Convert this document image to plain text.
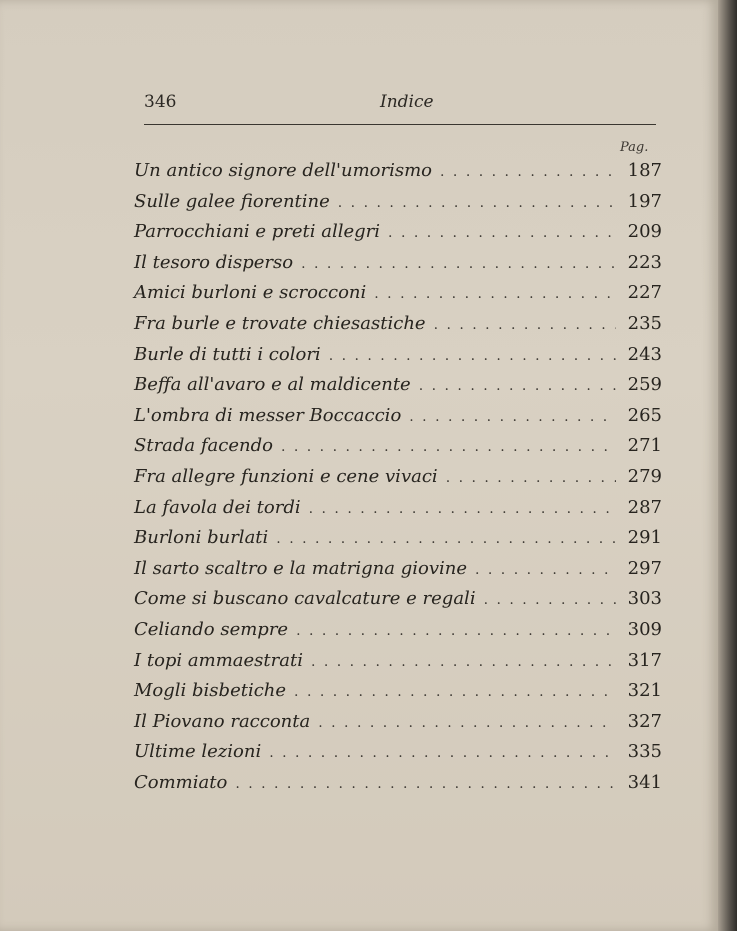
346	Indice
Pag.
Un antico signore dell'umorismo . . .	187
Sulle galee fiorentine . . .	197
Parrocchiani e preti allegri . . .	209
Il tesoro disperso . . .	223
Amici burloni e scrocconi . . .	227
Fra burle e trovate chiesastiche . . .	235
Burle di tutti i colori . . .	243
Beffa all'avaro e al maldicente . . .	259
L'ombra di messer Boccaccio . . .	265
Strada facendo . . .	271
Fra allegre funzioni e cene vivaci . . .	279
La favola dei tordi . . .	287
Burloni burlati . . .	291
Il sarto scaltro e la matrigna giovine . . .	297
Come si buscano cavalcature e regali . . .	303
Celiando sempre . . .	309
I topi ammaestrati . . .	317
Mogli bisbetiche . . .	321
Il Piovano racconta . . .	327
Ultime lezioni . . .	335
Commiato . . .	341
